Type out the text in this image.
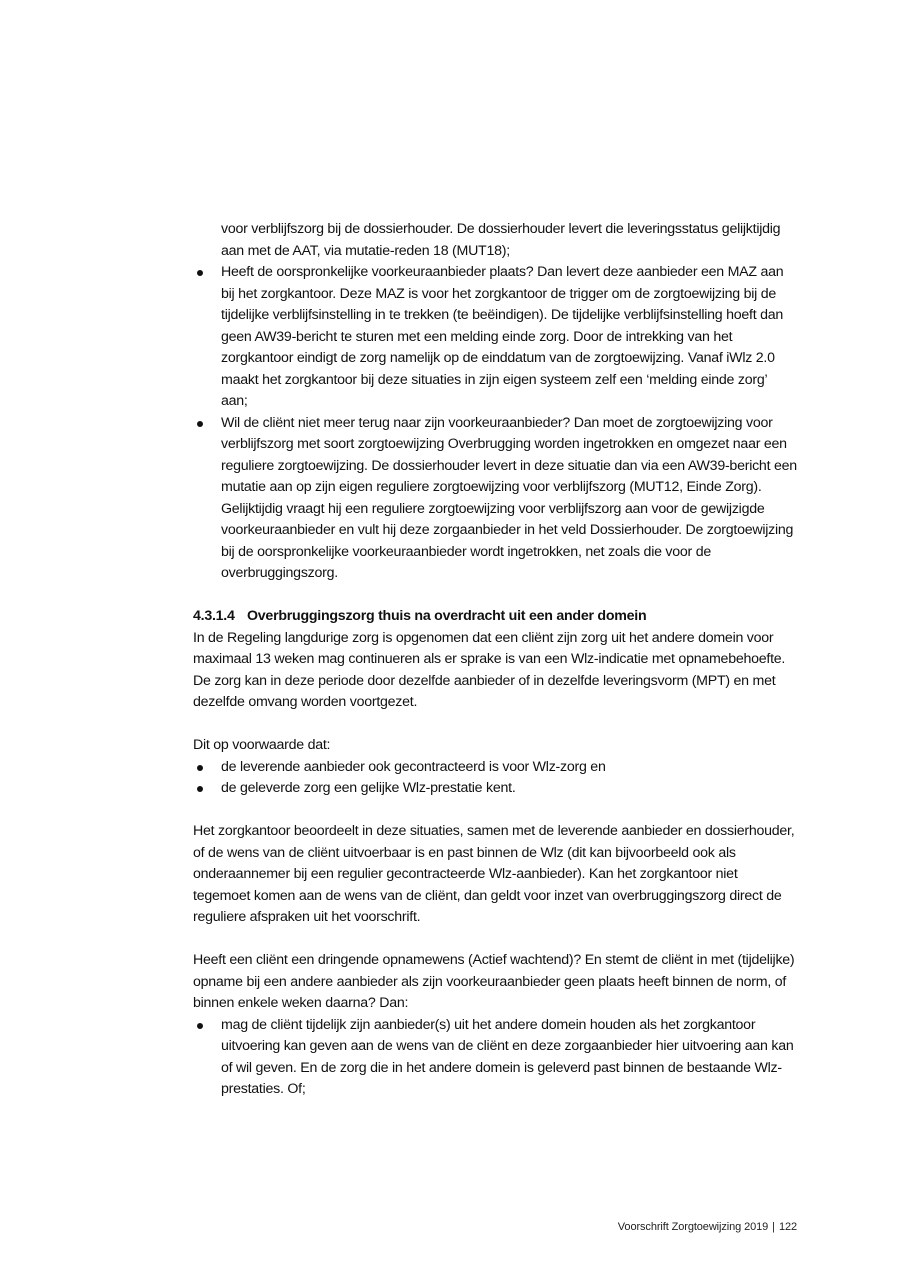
voor verblijfszorg bij de dossierhouder. De dossierhouder levert die leveringsstatus gelijktijdig aan met de AAT, via mutatie-reden 18 (MUT18);

Heeft de oorspronkelijke voorkeuraanbieder plaats? Dan levert deze aanbieder een MAZ aan bij het zorgkantoor. Deze MAZ is voor het zorgkantoor de trigger om de zorgtoewijzing bij de tijdelijke verblijfsinstelling in te trekken (te beëindigen). De tijdelijke verblijfsinstelling hoeft dan geen AW39-bericht te sturen met een melding einde zorg. Door de intrekking van het zorgkantoor eindigt de zorg namelijk op de einddatum van de zorgtoewijzing. Vanaf iWlz 2.0 maakt het zorgkantoor bij deze situaties in zijn eigen systeem zelf een ‘melding einde zorg’ aan;
Wil de cliënt niet meer terug naar zijn voorkeuraanbieder? Dan moet de zorgtoewijzing voor verblijfszorg met soort zorgtoewijzing Overbrugging worden ingetrokken en omgezet naar een reguliere zorgtoewijzing. De dossierhouder levert in deze situatie dan via een AW39-bericht een mutatie aan op zijn eigen reguliere zorgtoewijzing voor verblijfszorg (MUT12, Einde Zorg). Gelijktijdig vraagt hij een reguliere zorgtoewijzing voor verblijfszorg aan voor de gewijzigde voorkeuraanbieder en vult hij deze zorgaanbieder in het veld Dossierhouder. De zorgtoewijzing bij de oorspronkelijke voorkeuraanbieder wordt ingetrokken, net zoals die voor de overbruggingszorg.
4.3.1.4 Overbruggingszorg thuis na overdracht uit een ander domein

In de Regeling langdurige zorg is opgenomen dat een cliënt zijn zorg uit het andere domein voor maximaal 13 weken mag continueren als er sprake is van een Wlz-indicatie met opnamebehoefte. De zorg kan in deze periode door dezelfde aanbieder of in dezelfde leveringsvorm (MPT) en met dezelfde omvang worden voortgezet.

Dit op voorwaarde dat:

de leverende aanbieder ook gecontracteerd is voor Wlz-zorg en
de geleverde zorg een gelijke Wlz-prestatie kent.

Het zorgkantoor beoordeelt in deze situaties, samen met de leverende aanbieder en dossierhouder, of de wens van de cliënt uitvoerbaar is en past binnen de Wlz (dit kan bijvoorbeeld ook als onderaannemer bij een regulier gecontracteerde Wlz-aanbieder). Kan het zorgkantoor niet tegemoet komen aan de wens van de cliënt, dan geldt voor inzet van overbruggingszorg direct de reguliere afspraken uit het voorschrift.

Heeft een cliënt een dringende opnamewens (Actief wachtend)? En stemt de cliënt in met (tijdelijke) opname bij een andere aanbieder als zijn voorkeuraanbieder geen plaats heeft binnen de norm, of binnen enkele weken daarna? Dan:

mag de cliënt tijdelijk zijn aanbieder(s) uit het andere domein houden als het zorgkantoor uitvoering kan geven aan de wens van de cliënt en deze zorgaanbieder hier uitvoering aan kan of wil geven. En de zorg die in het andere domein is geleverd past binnen de bestaande Wlz-prestaties. Of;
Voorschrift Zorgtoewijzing 2019 | 122
